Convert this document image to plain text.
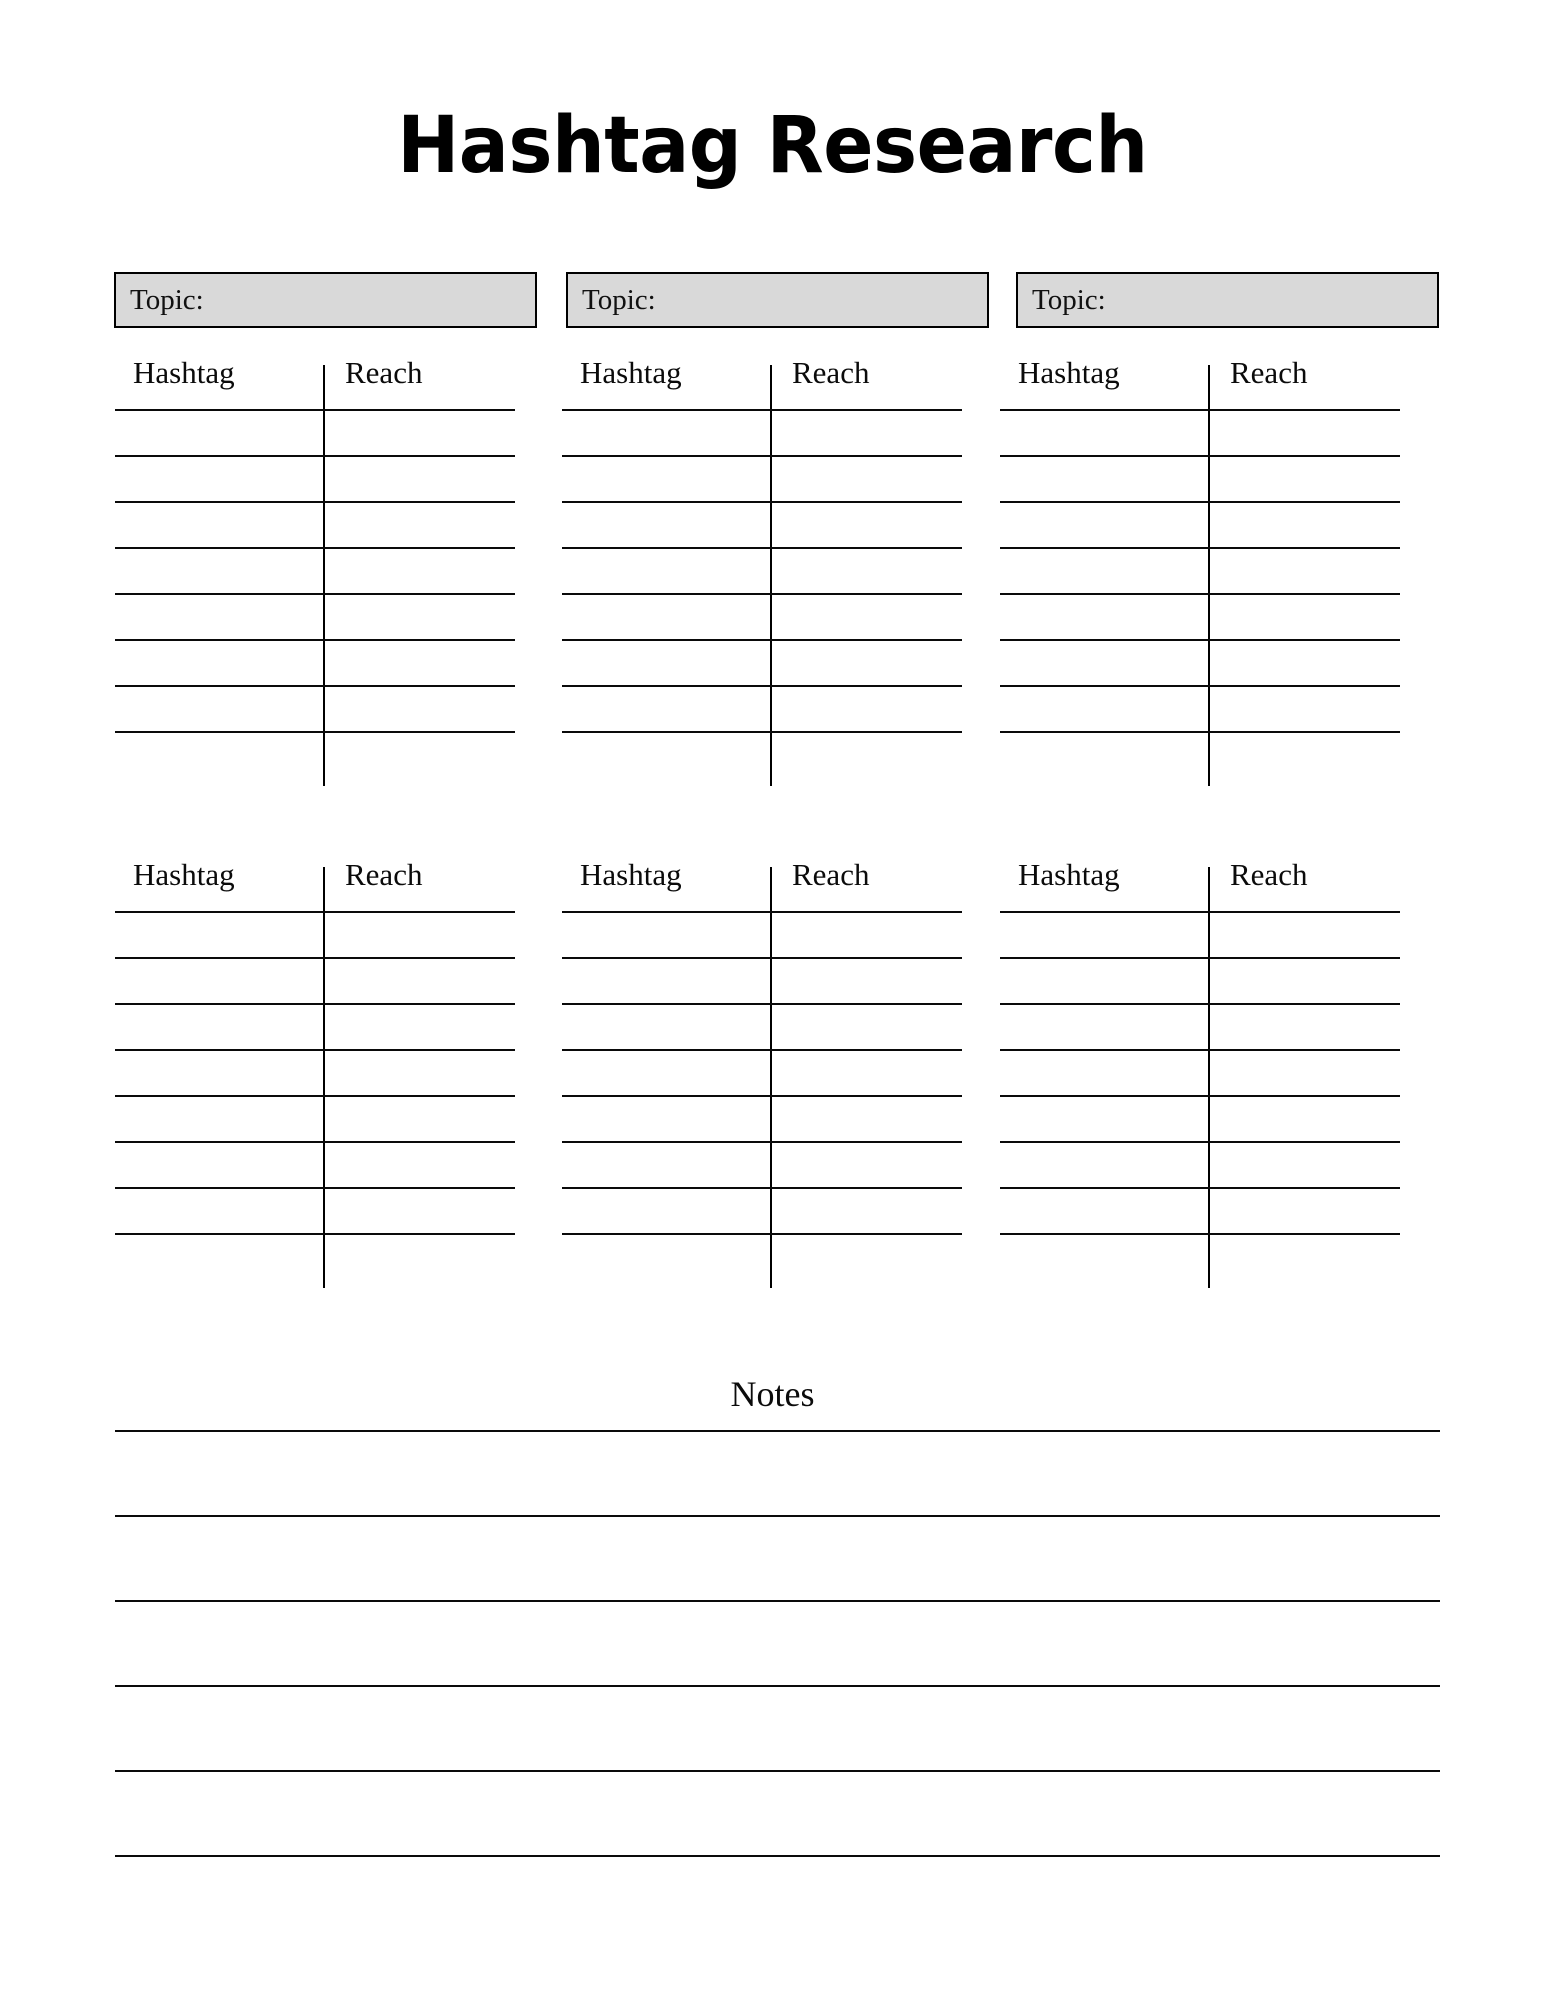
Hashtag Research
Topic:	Topic:	Topic:
Hashtag	Reach	Hashtag	Reach	Hashtag	Reach
Hashtag	Reach	Hashtag	Reach	Hashtag	Reach
Notes
